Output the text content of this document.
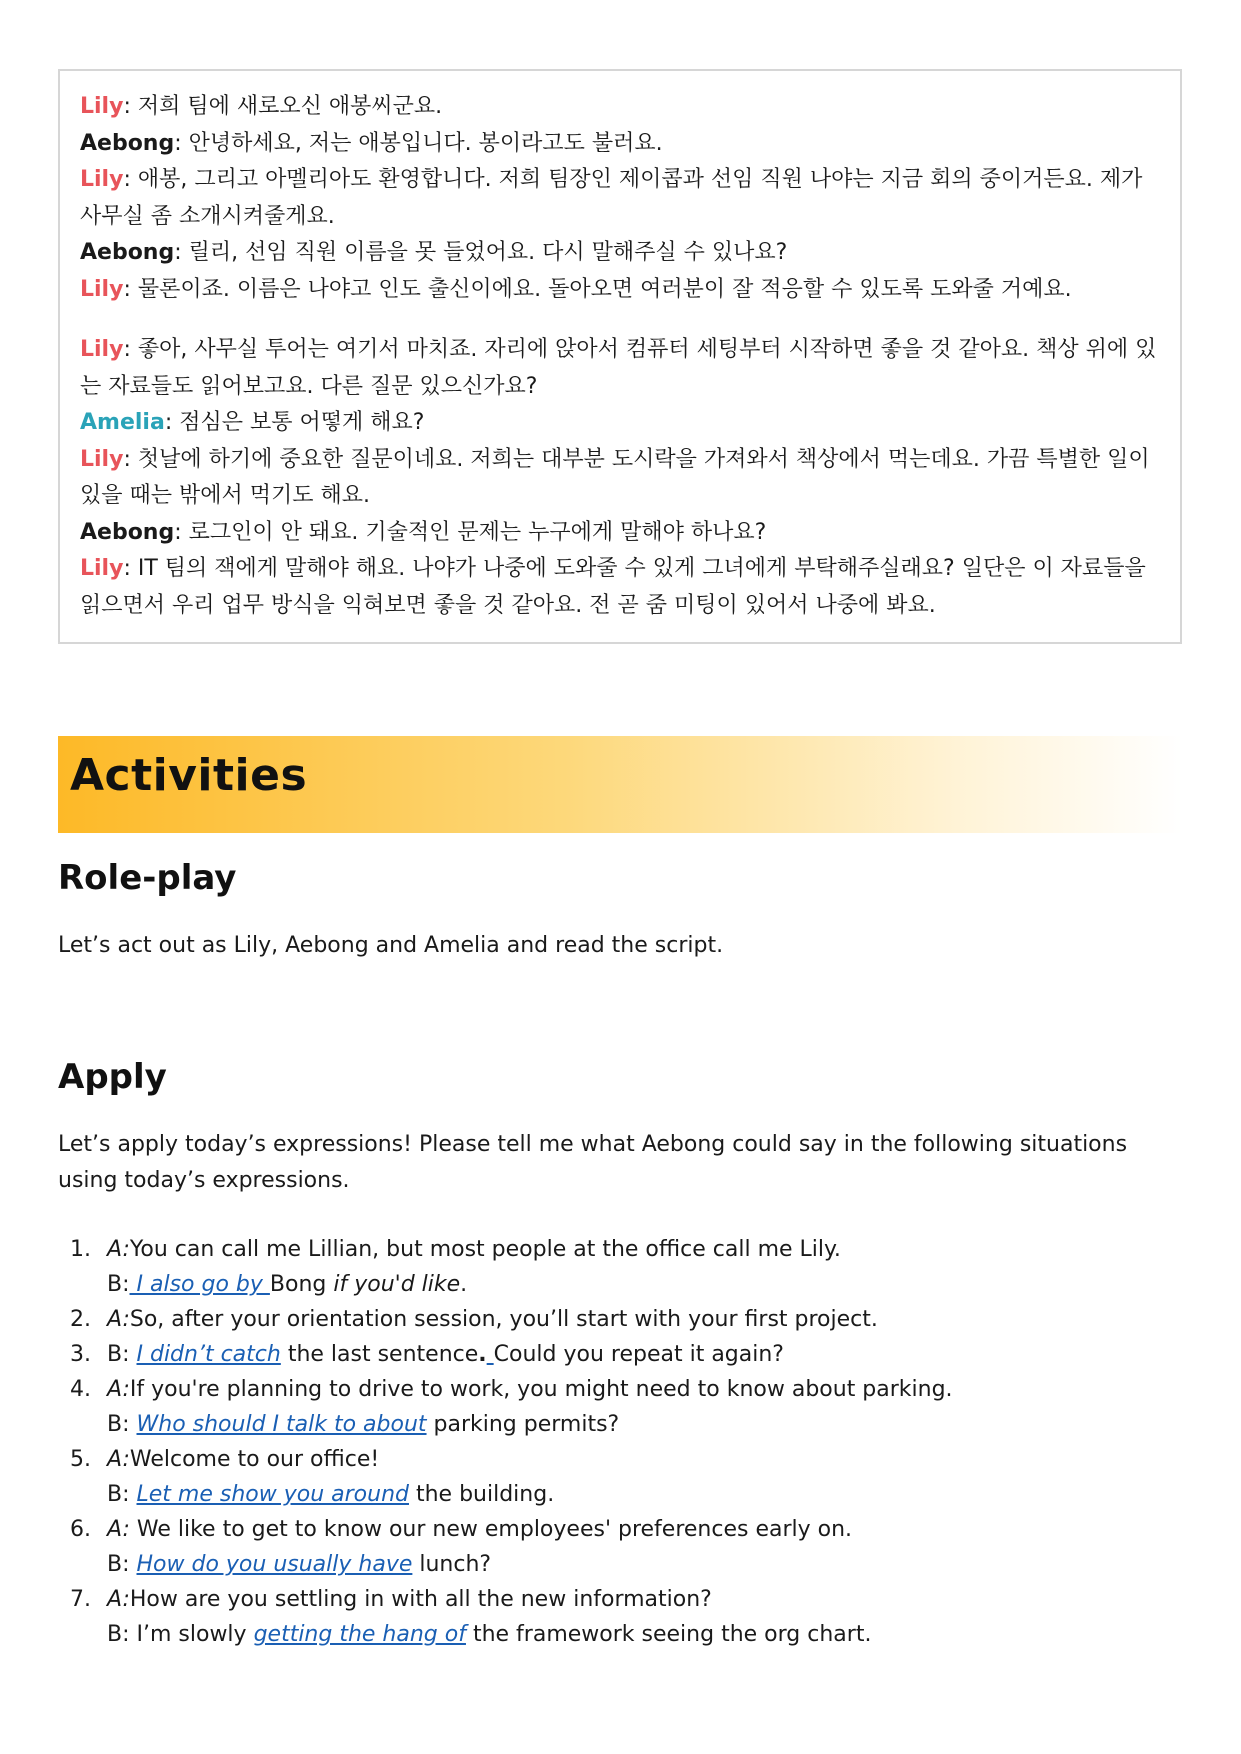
Lily: 저희 팀에 새로오신 애봉씨군요.

Aebong: 안녕하세요, 저는 애봉입니다. 봉이라고도 불러요.

Lily: 애봉, 그리고 아멜리아도 환영합니다. 저희 팀장인 제이콥과 선임 직원 나야는 지금 회의 중이거든요. 제가 사무실 좀 소개시켜줄게요.

Aebong: 릴리, 선임 직원 이름을 못 들었어요. 다시 말해주실 수 있나요?

Lily: 물론이죠. 이름은 나야고 인도 출신이에요. 돌아오면 여러분이 잘 적응할 수 있도록 도와줄 거예요.

Lily: 좋아, 사무실 투어는 여기서 마치죠. 자리에 앉아서 컴퓨터 세팅부터 시작하면 좋을 것 같아요. 책상 위에 있는 자료들도 읽어보고요. 다른 질문 있으신가요?

Amelia: 점심은 보통 어떻게 해요?

Lily: 첫날에 하기에 중요한 질문이네요. 저희는 대부분 도시락을 가져와서 책상에서 먹는데요. 가끔 특별한 일이 있을 때는 밖에서 먹기도 해요.

Aebong: 로그인이 안 돼요. 기술적인 문제는 누구에게 말해야 하나요?

Lily: IT 팀의 잭에게 말해야 해요. 나야가 나중에 도와줄 수 있게 그녀에게 부탁해주실래요? 일단은 이 자료들을 읽으면서 우리 업무 방식을 익혀보면 좋을 것 같아요. 전 곧 줌 미팅이 있어서 나중에 봐요.

Activities
Role-play

Let’s act out as Lily, Aebong and Amelia and read the script.

Apply

Let’s apply today’s expressions! Please tell me what Aebong could say in the following situations using today’s expressions.

1. A:You can call me Lillian, but most people at the office call me Lily.
B: I also go by Bong if you'd like.
2. A:So, after your orientation session, you’ll start with your first project.
3. B: I didn’t catch the last sentence. Could you repeat it again?
4. A:If you're planning to drive to work, you might need to know about parking.
B: Who should I talk to about parking permits?
5. A:Welcome to our office!
B: Let me show you around the building.
6. A: We like to get to know our new employees' preferences early on.
B: How do you usually have lunch?
7. A:How are you settling in with all the new information?
B: I’m slowly getting the hang of the framework seeing the org chart.
